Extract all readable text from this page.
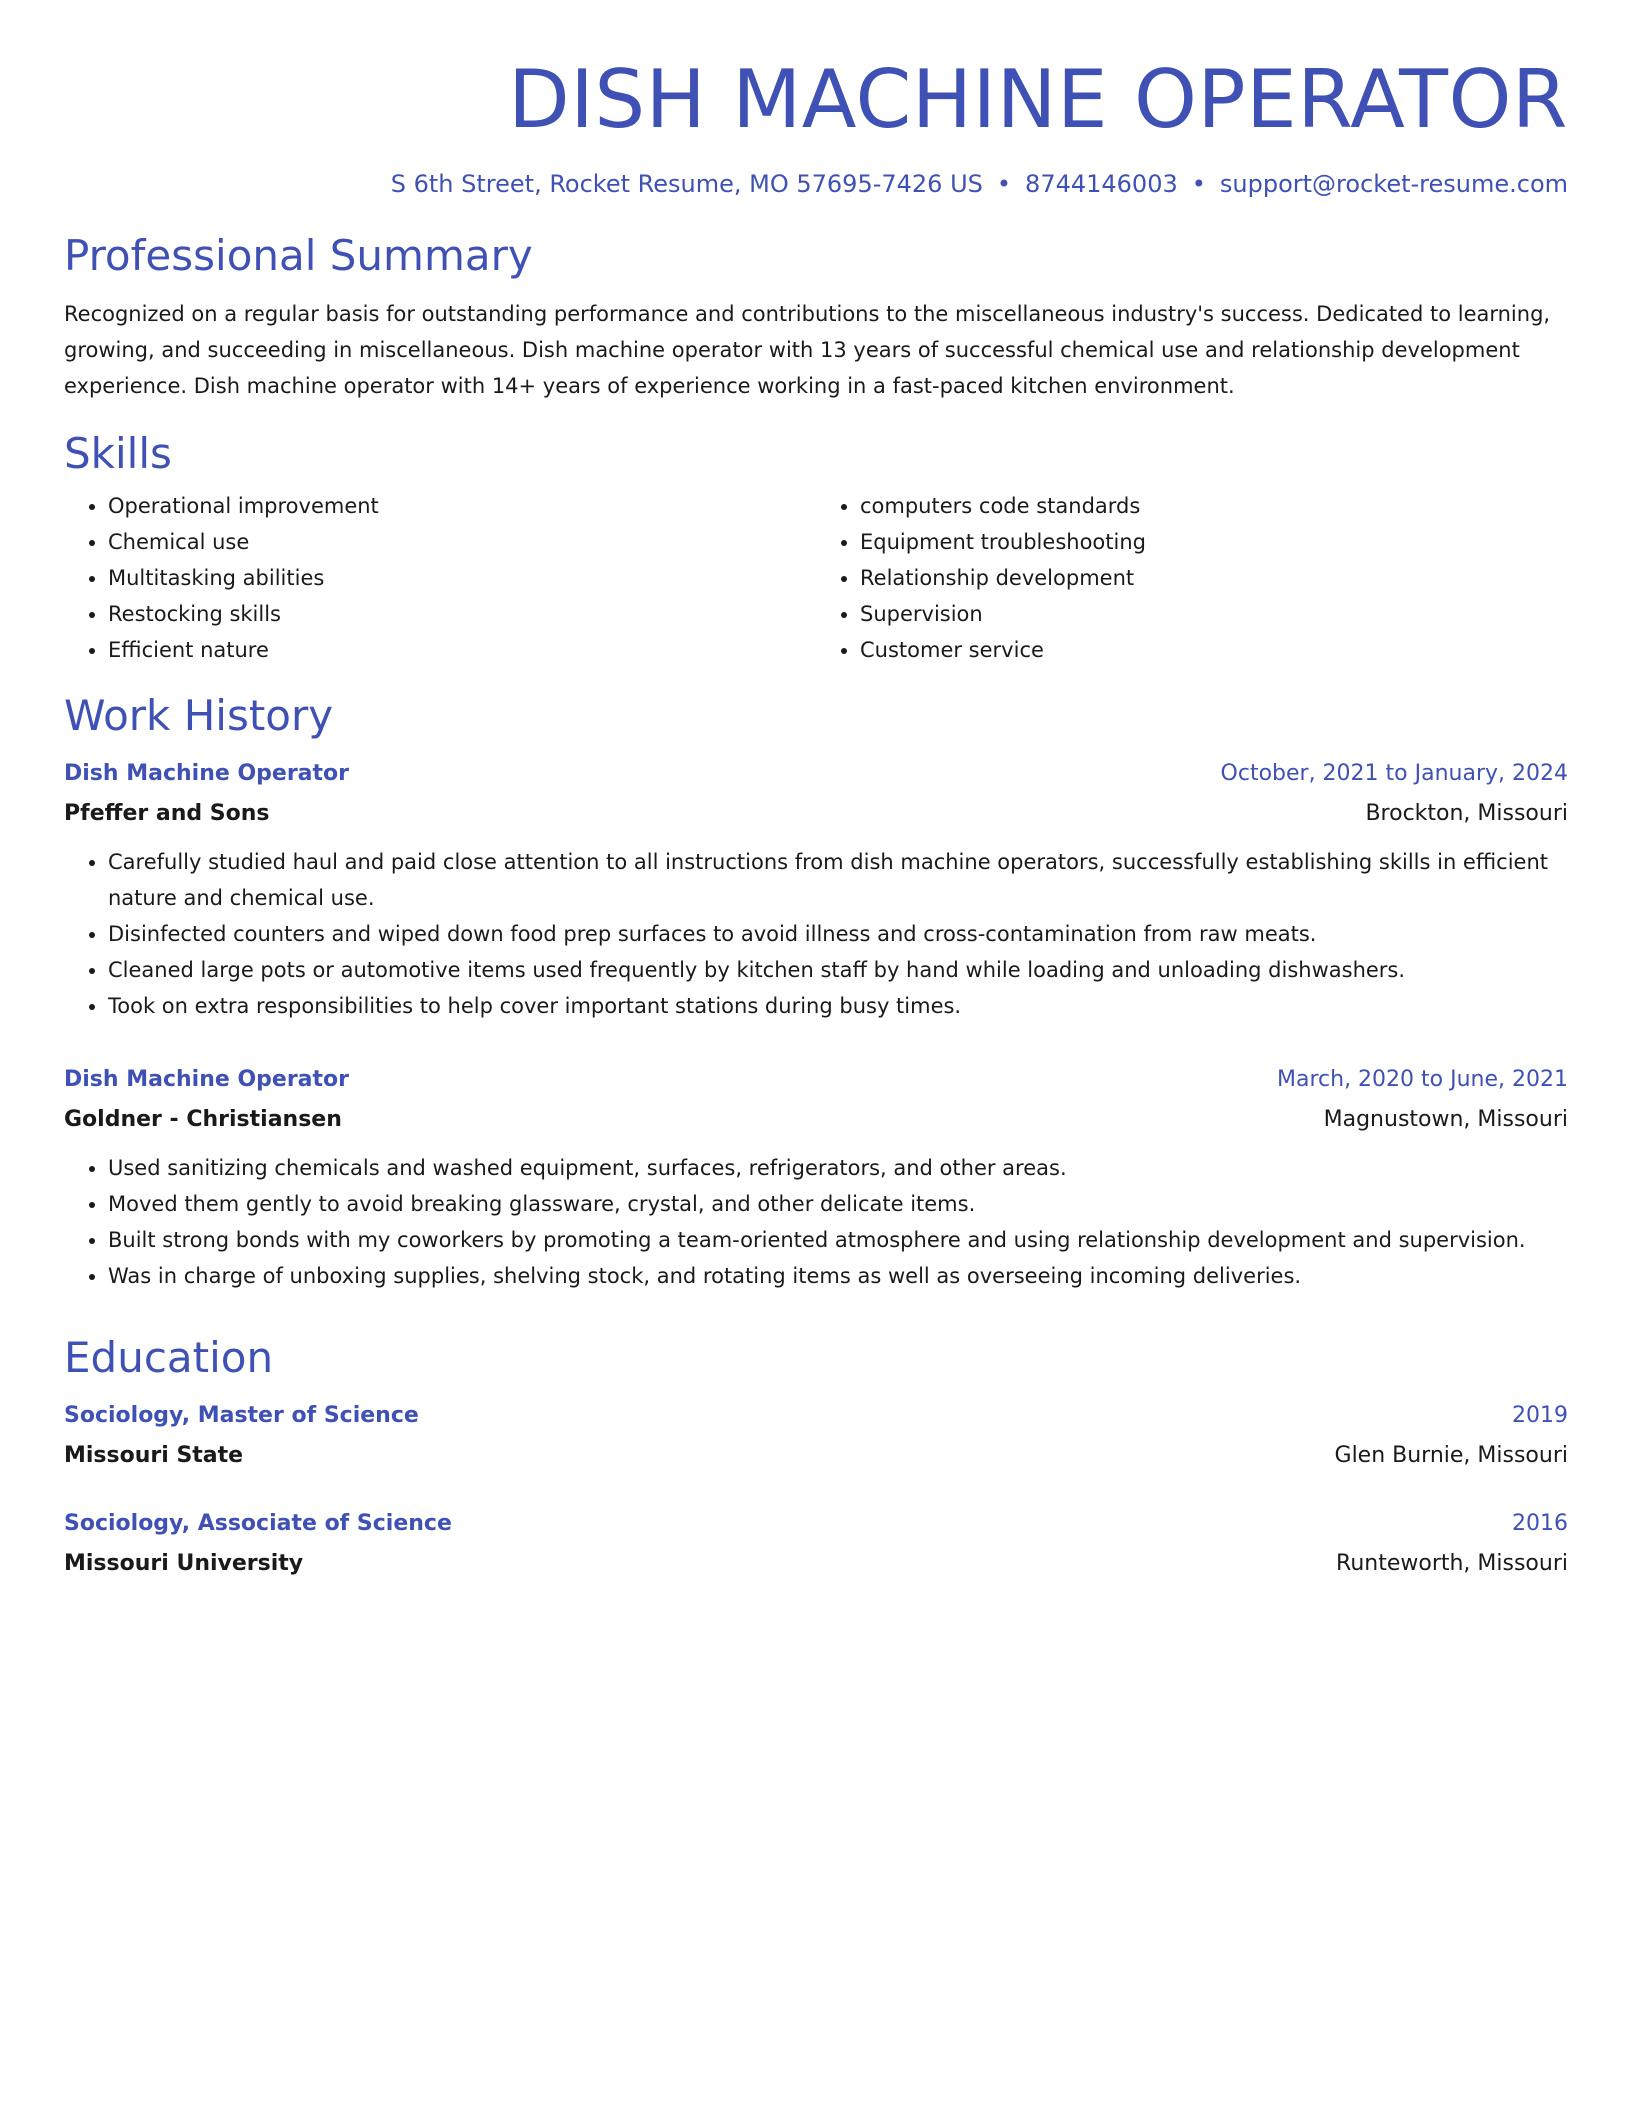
DISH MACHINE OPERATOR
S 6th Street, Rocket Resume, MO 57695-7426 US • 8744146003 • support@rocket-resume.com
Professional Summary
Recognized on a regular basis for outstanding performance and contributions to the miscellaneous industry's success. Dedicated to learning, growing, and succeeding in miscellaneous. Dish machine operator with 13 years of successful chemical use and relationship development experience. Dish machine operator with 14+ years of experience working in a fast-paced kitchen environment.
Skills
• Operational improvement
• Chemical use
• Multitasking abilities
• Restocking skills
• Efficient nature
• computers code standards
• Equipment troubleshooting
• Relationship development
• Supervision
• Customer service
Work History
Dish Machine Operator	October, 2021 to January, 2024
Pfeffer and Sons	Brockton, Missouri
• Carefully studied haul and paid close attention to all instructions from dish machine operators, successfully establishing skills in efficient nature and chemical use.
• Disinfected counters and wiped down food prep surfaces to avoid illness and cross-contamination from raw meats.
• Cleaned large pots or automotive items used frequently by kitchen staff by hand while loading and unloading dishwashers.
• Took on extra responsibilities to help cover important stations during busy times.
Dish Machine Operator	March, 2020 to June, 2021
Goldner - Christiansen	Magnustown, Missouri
• Used sanitizing chemicals and washed equipment, surfaces, refrigerators, and other areas.
• Moved them gently to avoid breaking glassware, crystal, and other delicate items.
• Built strong bonds with my coworkers by promoting a team-oriented atmosphere and using relationship development and supervision.
• Was in charge of unboxing supplies, shelving stock, and rotating items as well as overseeing incoming deliveries.
Education
Sociology, Master of Science	2019
Missouri State	Glen Burnie, Missouri
Sociology, Associate of Science	2016
Missouri University	Runteworth, Missouri
